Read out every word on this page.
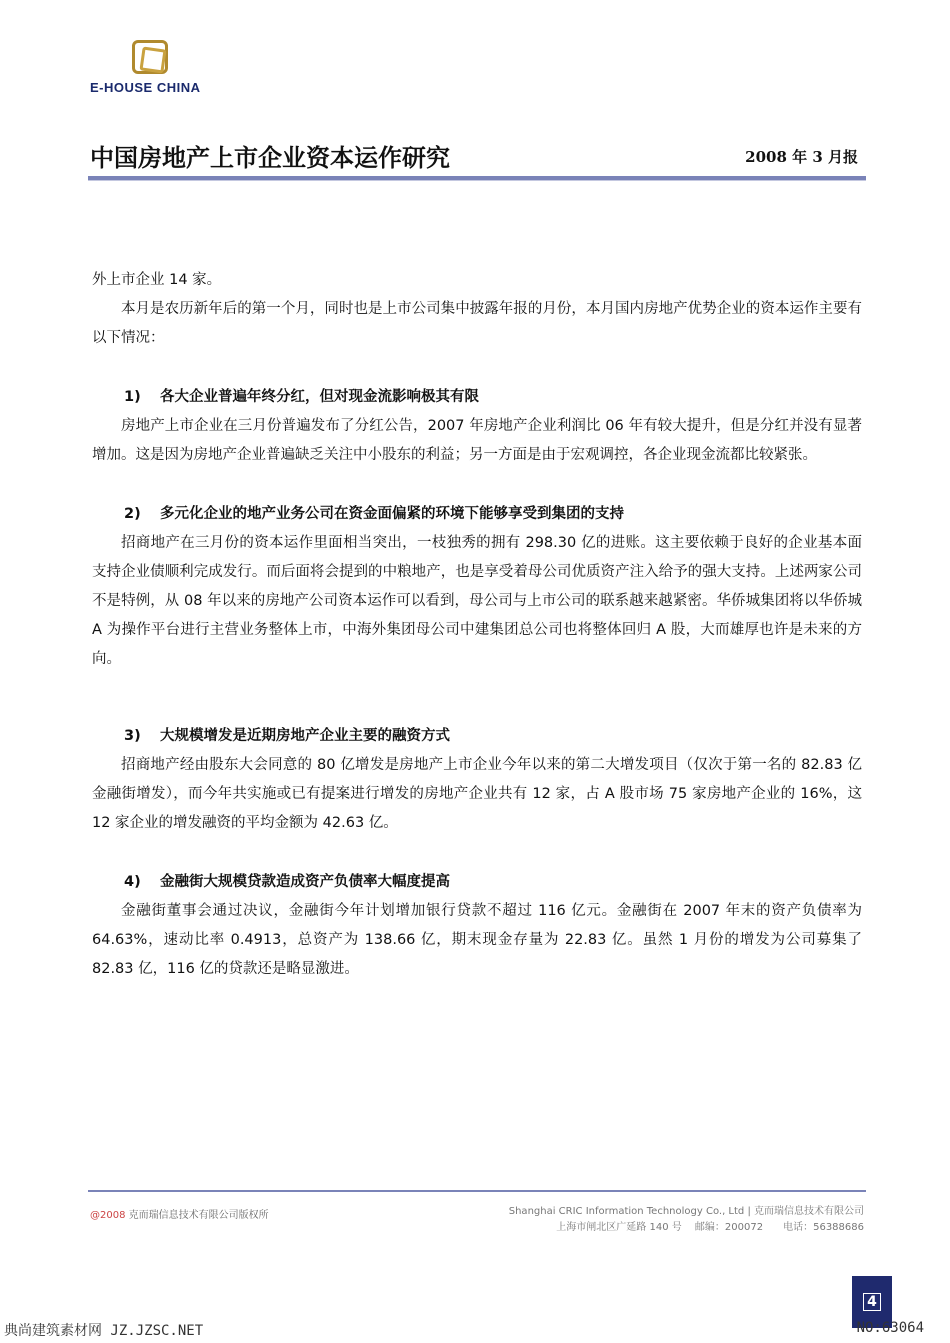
E-HOUSE CHINA
中国房地产上市企业资本运作研究	2008 年 3 月报

外上市企业 14 家。

本月是农历新年后的第一个月，同时也是上市公司集中披露年报的月份，本月国内房地产优势企业的资本运作主要有以下情况：

1) 各大企业普遍年终分红，但对现金流影响极其有限

房地产上市企业在三月份普遍发布了分红公告，2007 年房地产企业利润比 06 年有较大提升，但是分红并没有显著增加。这是因为房地产企业普遍缺乏关注中小股东的利益；另一方面是由于宏观调控，各企业现金流都比较紧张。

2) 多元化企业的地产业务公司在资金面偏紧的环境下能够享受到集团的支持

招商地产在三月份的资本运作里面相当突出，一枝独秀的拥有 298.30 亿的进账。这主要依赖于良好的企业基本面支持企业债顺利完成发行。而后面将会提到的中粮地产，也是享受着母公司优质资产注入给予的强大支持。上述两家公司不是特例，从 08 年以来的房地产公司资本运作可以看到，母公司与上市公司的联系越来越紧密。华侨城集团将以华侨城 A 为操作平台进行主营业务整体上市，中海外集团母公司中建集团总公司也将整体回归 A 股，大而雄厚也许是未来的方向。

3) 大规模增发是近期房地产企业主要的融资方式

招商地产经由股东大会同意的 80 亿增发是房地产上市企业今年以来的第二大增发项目（仅次于第一名的 82.83 亿金融街增发），而今年共实施或已有提案进行增发的房地产企业共有 12 家，占 A 股市场 75 家房地产企业的 16%，这 12 家企业的增发融资的平均金额为 42.63 亿。

4) 金融街大规模贷款造成资产负债率大幅度提高

金融街董事会通过决议，金融街今年计划增加银行贷款不超过 116 亿元。金融街在 2007 年末的资产负债率为 64.63%，速动比率 0.4913，总资产为 138.66 亿，期末现金存量为 22.83 亿。虽然 1 月份的增发为公司募集了 82.83 亿，116 亿的贷款还是略显激进。

@2008 克而瑞信息技术有限公司版权所	Shanghai CRIC Information Technology Co., Ltd | 克而瑞信息技术有限公司
上海市闸北区广延路 140 号　 邮编：200072　　电话：56388686
4
典尚建筑素材网 JZ.JZSC.NET	NO:63064
